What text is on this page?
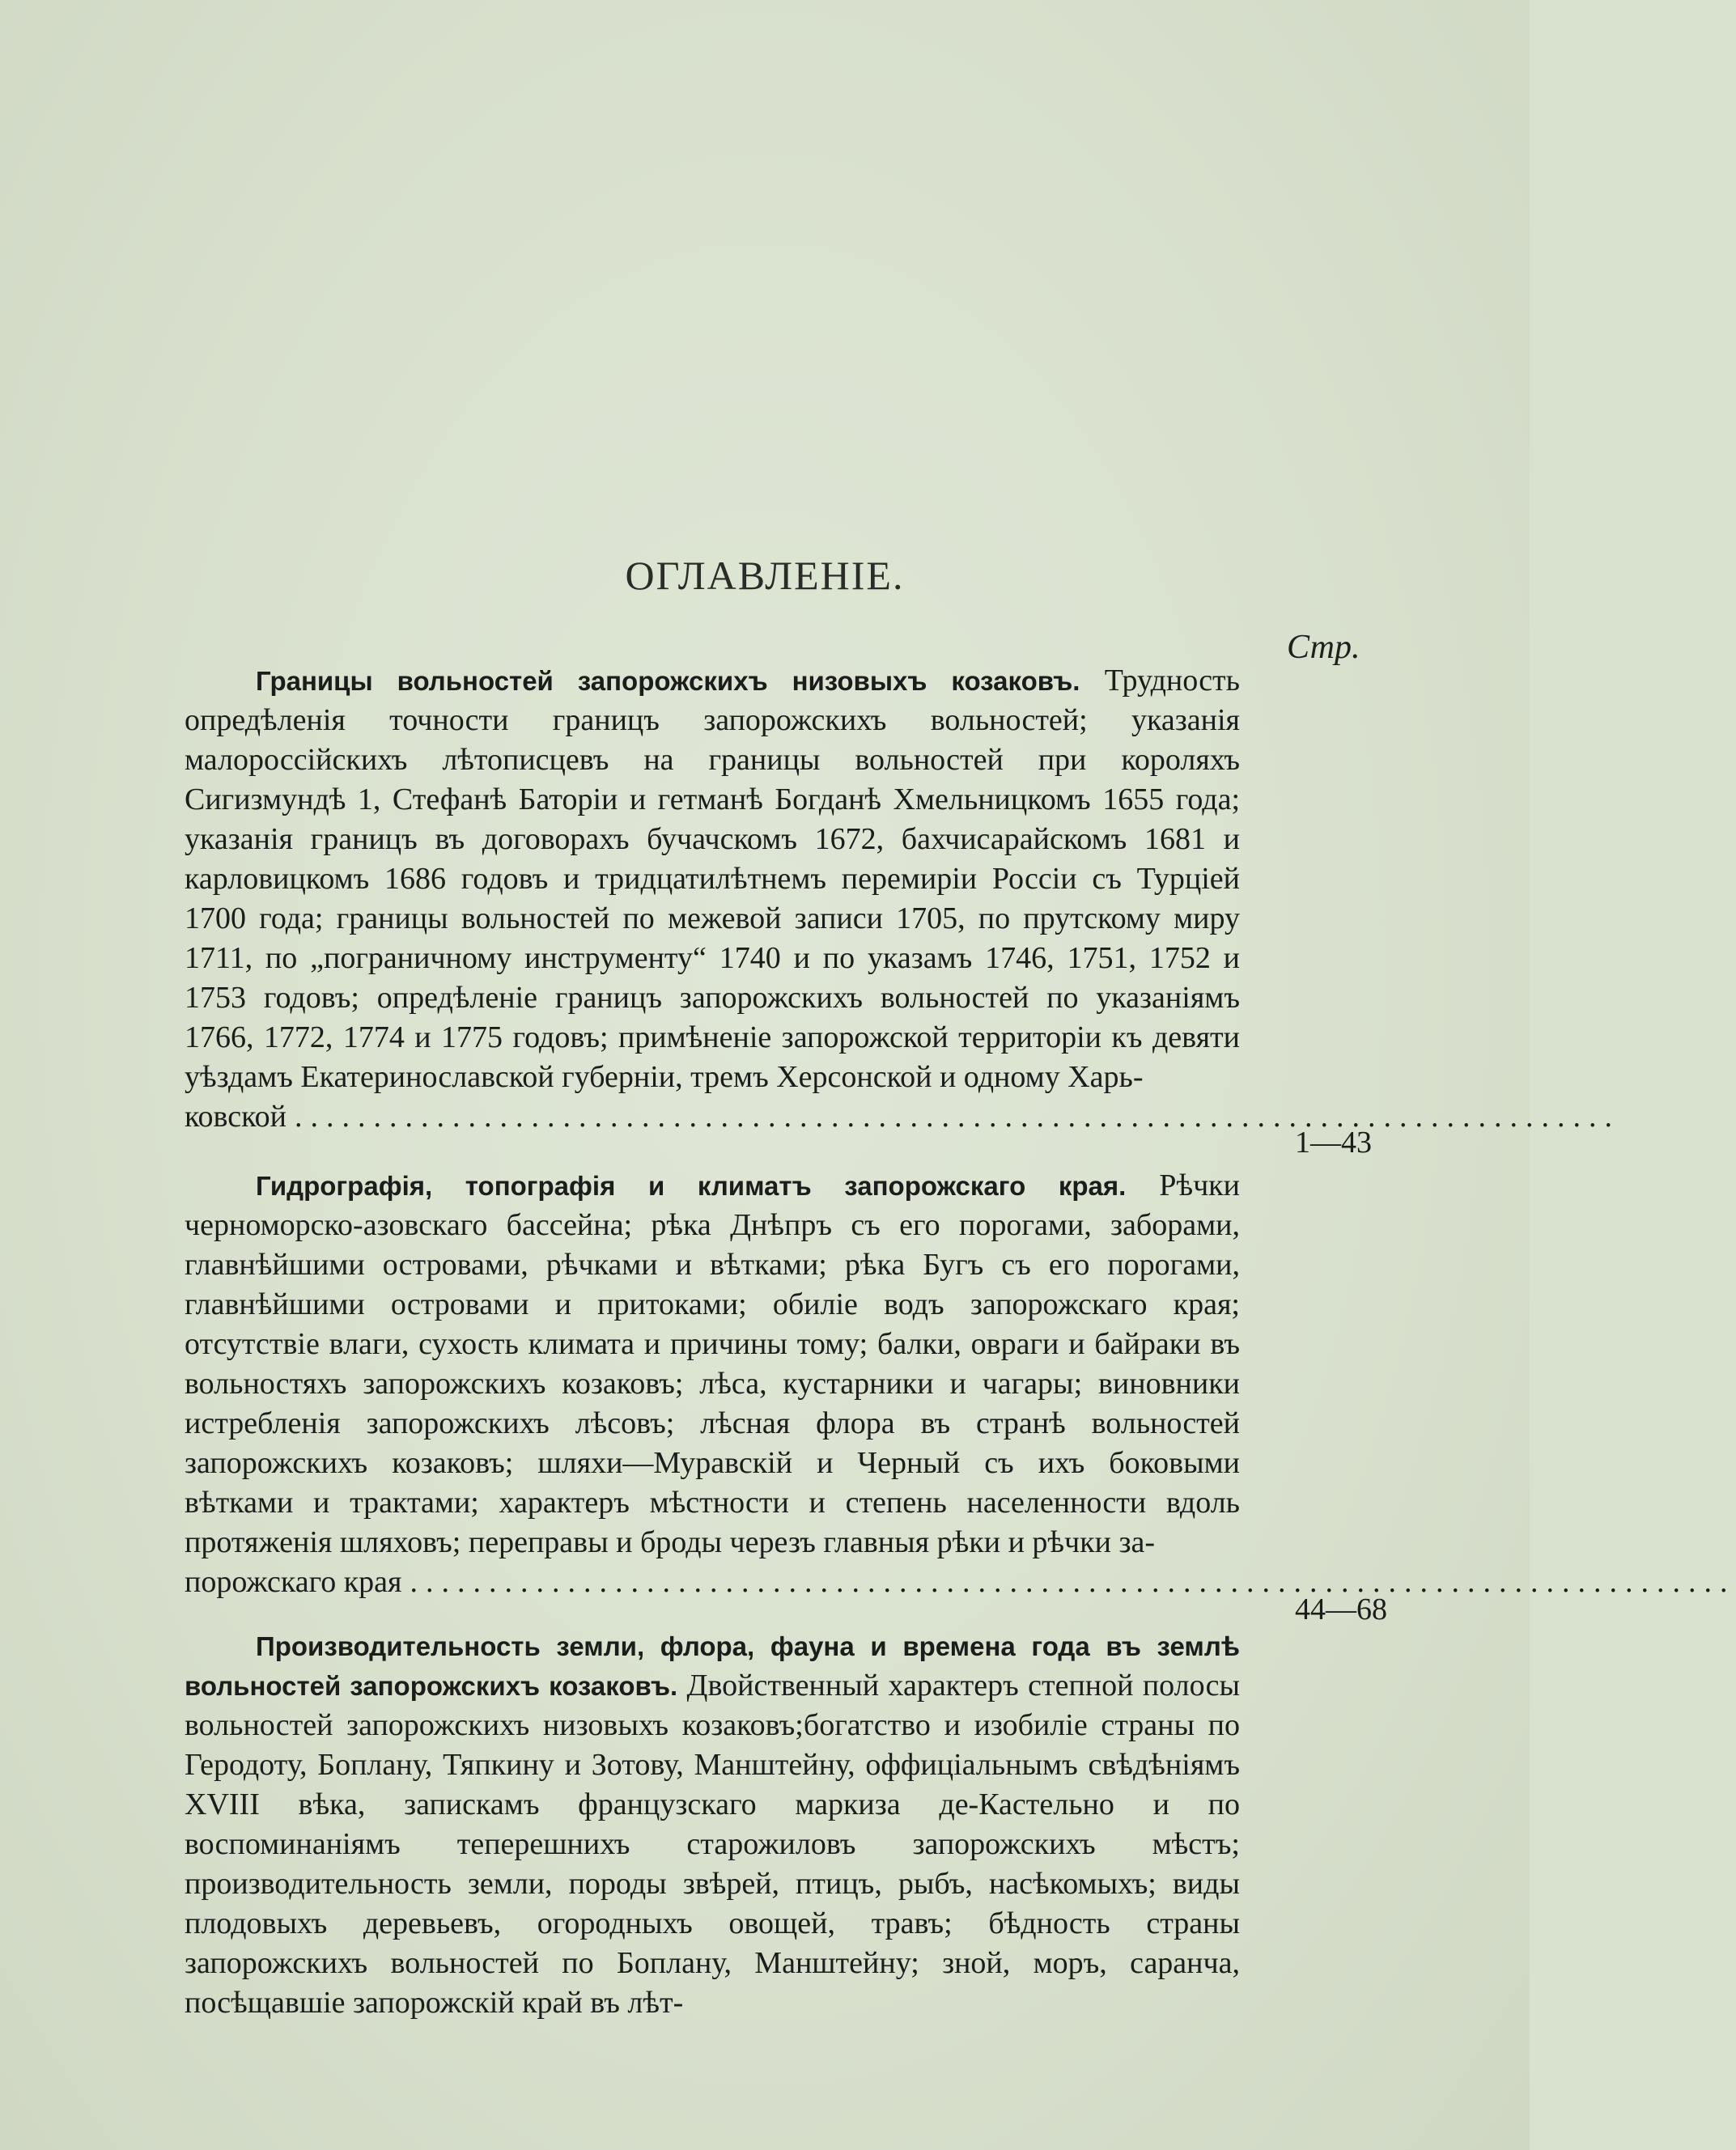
ОГЛАВЛЕНІЕ.
Стр.

Границы вольностей запорожскихъ низовыхъ козаковъ. Трудность опредѣленія точности границъ запорожскихъ вольностей; указанія малороссійскихъ лѣтописцевъ на границы вольностей при короляхъ Сигизмундѣ 1, Стефанѣ Баторіи и гетманѣ Богданѣ Хмельницкомъ 1655 года; указанія границъ въ договорахъ бучачскомъ 1672, бахчисарайскомъ 1681 и карловицкомъ 1686 годовъ и тридцатилѣтнемъ перемиріи Россіи съ Турціей 1700 года; границы вольностей по межевой записи 1705, по прутскому миру 1711, по „пограничному инструменту“ 1740 и по указамъ 1746, 1751, 1752 и 1753 годовъ; опредѣленіе границъ запорожскихъ вольностей по указаніямъ 1766, 1772, 1774 и 1775 годовъ; примѣненіе запорожской территоріи къ девяти уѣздамъ Екатеринославской губерніи, тремъ Херсонской и одному Харь-

ковской ....................................................................................
1—43

Гидрографія, топографія и климатъ запорожскаго края. Рѣчки черноморско-азовскаго бассейна; рѣка Днѣпръ съ его порогами, заборами, главнѣйшими островами, рѣчками и вѣтками; рѣка Бугъ съ его порогами, главнѣйшими островами и притоками; обиліе водъ запорожскаго края; отсутствіе влаги, сухость климата и причины тому; балки, овраги и байраки въ вольностяхъ запорожскихъ козаковъ; лѣса, кустарники и чагары; виновники истребленія запорожскихъ лѣсовъ; лѣсная флора въ странѣ вольностей запорожскихъ козаковъ; шляхи—Муравскій и Черный съ ихъ боковыми вѣтками и трактами; характеръ мѣстности и степень населенности вдоль протяженія шляховъ; переправы и броды черезъ главныя рѣки и рѣчки за-

порожскаго края ....................................................................................
44—68

Производительность земли, флора, фауна и времена года въ землѣ вольностей запорожскихъ козаковъ. Двойственный характеръ степной полосы вольностей запорожскихъ низовыхъ козаковъ;богатство и изобиліе страны по Геродоту, Боплану, Тяпкину и Зотову, Манштейну, оффиціальнымъ свѣдѣніямъ XVIII вѣка, запискамъ французскаго маркиза де-Кастельно и по воспоминаніямъ теперешнихъ старожиловъ запорожскихъ мѣстъ; производительность земли, породы звѣрей, птицъ, рыбъ, насѣкомыхъ; виды плодовыхъ деревьевъ, огородныхъ овощей, травъ; бѣдность страны запорожскихъ вольностей по Боплану, Манштейну; зной, моръ, саранча, посѣщавшіе запорожскій край въ лѣт-
